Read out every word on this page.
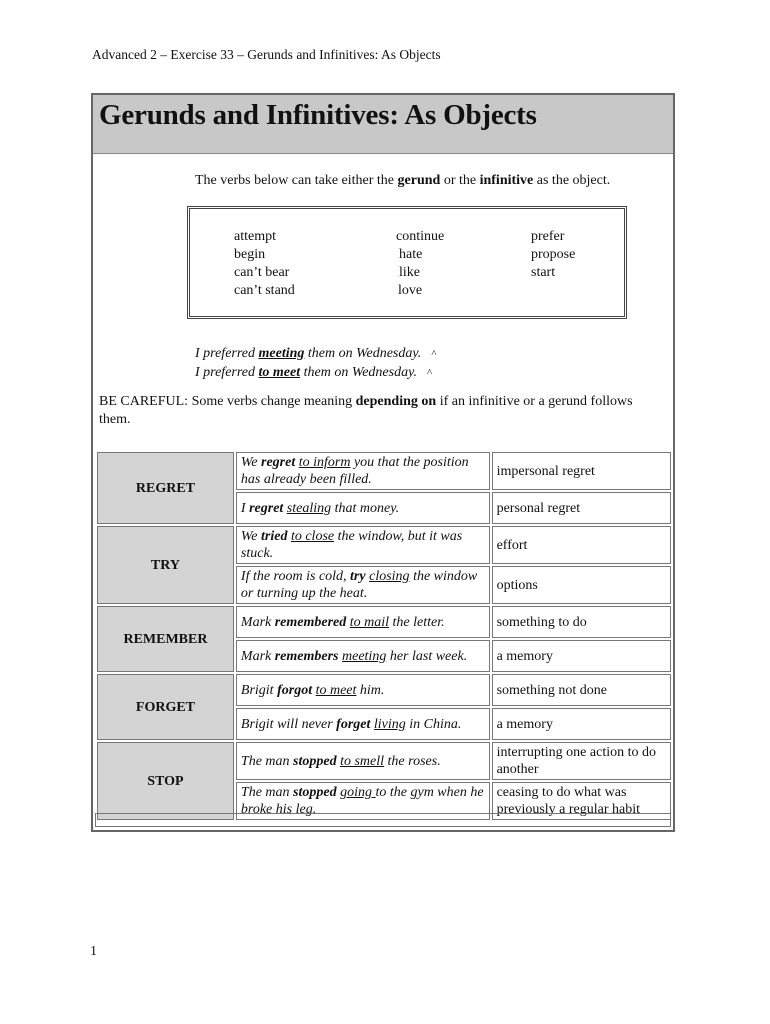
Advanced 2 – Exercise 33 – Gerunds and Infinitives: As Objects
Gerunds and Infinitives: As Objects
The verbs below can take either the gerund or the infinitive as the object.
attempt
begin
can’t bear
can’t stand
continue
hate
like
love
prefer
propose
start
I preferred meeting them on Wednesday. ^
I preferred to meet them on Wednesday. ^
BE CAREFUL: Some verbs change meaning depending on if an infinitive or a gerund follows them.
REGRET	We regret to inform you that the position has already been filled.	impersonal regret
	I regret stealing that money.	personal regret
TRY	We tried to close the window, but it was stuck.	effort
	If the room is cold, try closing the window or turning up the heat.	options
REMEMBER	Mark remembered to mail the letter.	something to do
	Mark remembers meeting her last week.	a memory
FORGET	Brigit forgot to meet him.	something not done
	Brigit will never forget living in China.	a memory
STOP	The man stopped to smell the roses.	interrupting one action to do another
	The man stopped going to the gym when he broke his leg.	ceasing to do what was previously a regular habit
1
